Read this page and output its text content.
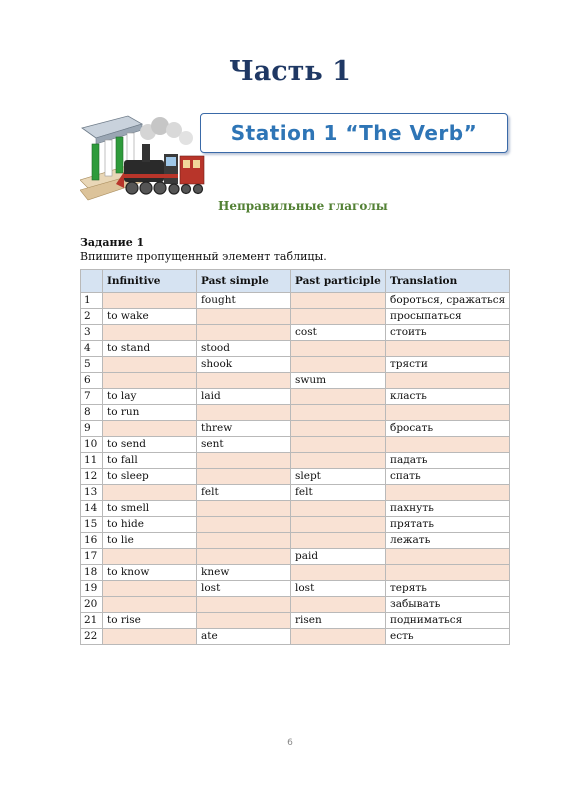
Часть 1
Station 1 “The Verb”
Неправильные глаголы
Задание 1
Впишите пропущенный элемент таблицы.
	Infinitive	Past simple	Past participle	Translation
1		fought		бороться, сражаться
2	to wake			просыпаться
3			cost	стоить
4	to stand	stood		
5		shook		трясти
6			swum	
7	to lay	laid		класть
8	to run			
9		threw		бросать
10	to send	sent		
11	to fall			падать
12	to sleep		slept	спать
13		felt	felt	
14	to smell			пахнуть
15	to hide			прятать
16	to lie			лежать
17			paid	
18	to know	knew		
19		lost	lost	терять
20				забывать
21	to rise		risen	подниматься
22		ate		есть
6
